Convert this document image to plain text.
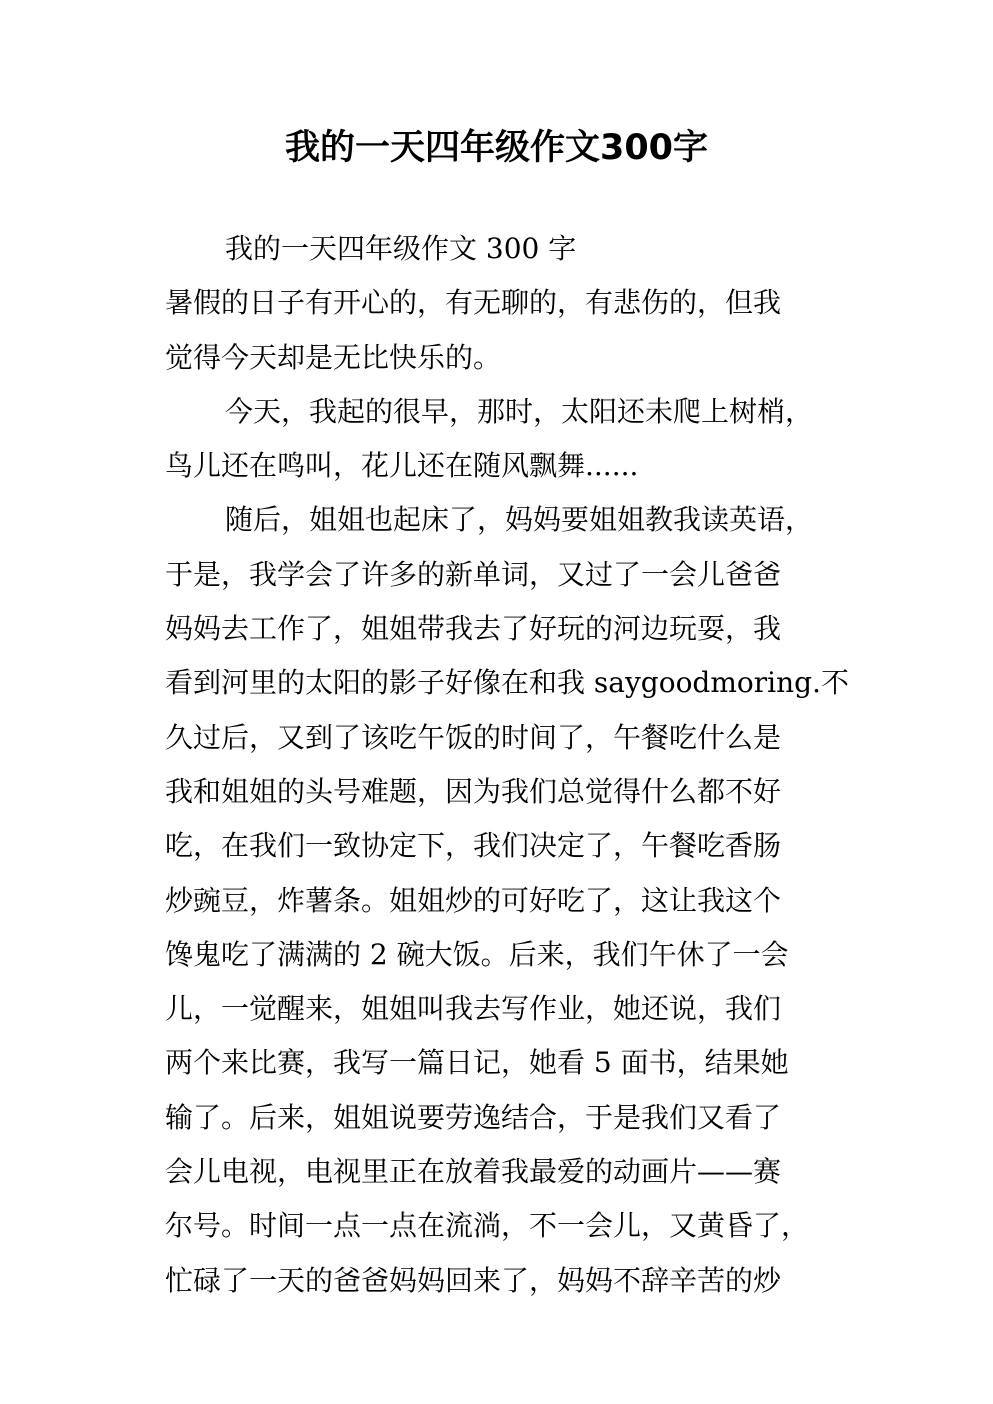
我的一天四年级作文300字
我的一天四年级作文 300 字
暑假的日子有开心的，有无聊的，有悲伤的，但我
觉得今天却是无比快乐的。
今天，我起的很早，那时，太阳还未爬上树梢，
鸟儿还在鸣叫，花儿还在随风飘舞......
随后，姐姐也起床了，妈妈要姐姐教我读英语，
于是，我学会了许多的新单词，又过了一会儿爸爸
妈妈去工作了，姐姐带我去了好玩的河边玩耍，我
看到河里的太阳的影子好像在和我 saygoodmoring.不
久过后，又到了该吃午饭的时间了，午餐吃什么是
我和姐姐的头号难题，因为我们总觉得什么都不好
吃，在我们一致协定下，我们决定了，午餐吃香肠
炒豌豆，炸薯条。姐姐炒的可好吃了，这让我这个
馋鬼吃了满满的 2 碗大饭。后来，我们午休了一会
儿，一觉醒来，姐姐叫我去写作业，她还说，我们
两个来比赛，我写一篇日记，她看 5 面书，结果她
输了。后来，姐姐说要劳逸结合，于是我们又看了
会儿电视，电视里正在放着我最爱的动画片——赛
尔号。时间一点一点在流淌，不一会儿，又黄昏了，
忙碌了一天的爸爸妈妈回来了，妈妈不辞辛苦的炒
